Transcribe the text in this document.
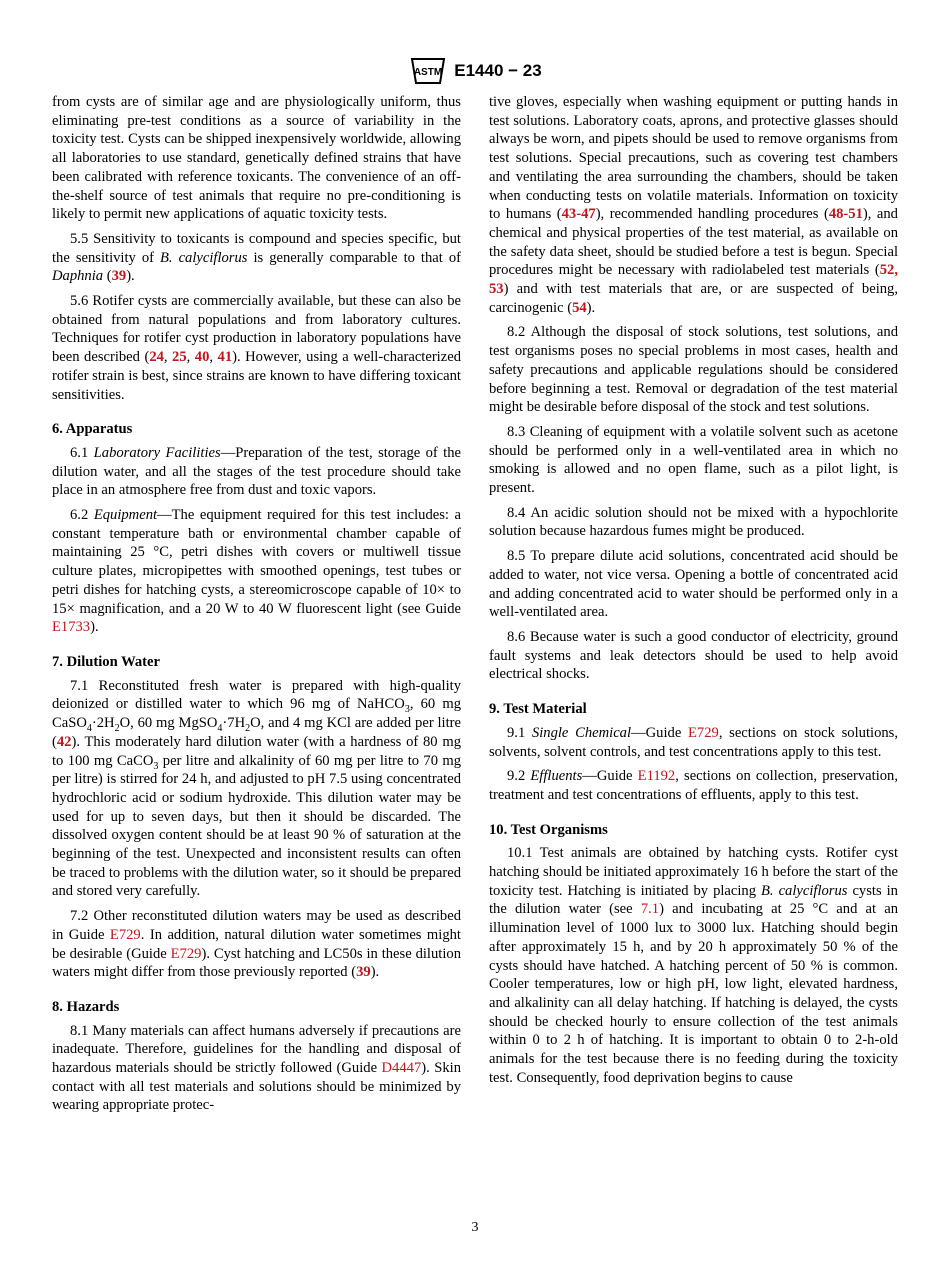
ASTM E1440 − 23

from cysts are of similar age and are physiologically uniform, thus eliminating pre-test conditions as a source of variability in the toxicity test. Cysts can be shipped inexpensively worldwide, allowing all laboratories to use standard, genetically defined strains that have been calibrated with reference toxicants. The convenience of an off-the-shelf source of test animals that require no pre-conditioning is likely to permit new applications of aquatic toxicity tests.

5.5 Sensitivity to toxicants is compound and species specific, but the sensitivity of B. calyciflorus is generally comparable to that of Daphnia (39).

5.6 Rotifer cysts are commercially available, but these can also be obtained from natural populations and from laboratory cultures. Techniques for rotifer cyst production in laboratory populations have been described (24, 25, 40, 41). However, using a well-characterized rotifer strain is best, since strains are known to have differing toxicant sensitivities.

6. Apparatus

6.1 Laboratory Facilities—Preparation of the test, storage of the dilution water, and all the stages of the test procedure should take place in an atmosphere free from dust and toxic vapors.

6.2 Equipment—The equipment required for this test includes: a constant temperature bath or environmental chamber capable of maintaining 25 °C, petri dishes with covers or multiwell tissue culture plates, micropipettes with smoothed openings, test tubes or petri dishes for hatching cysts, a stereomicroscope capable of 10× to 15× magnification, and a 20 W to 40 W fluorescent light (see Guide E1733).

7. Dilution Water

7.1 Reconstituted fresh water is prepared with high-quality deionized or distilled water to which 96 mg of NaHCO$_3$, 60 mg $CaSO_4\cdot 2H_2O$, 60 mg $MgSO_4\cdot 7H_2O$, and 4 mg KCl are added per litre (42). This moderately hard dilution water (with a hardness of 80 mg to 100 mg CaCO$_3$ per litre and alkalinity of 60 mg per litre to 70 mg per litre) is stirred for 24 h, and adjusted to pH 7.5 using concentrated hydrochloric acid or sodium hydroxide. This dilution water may be used for up to seven days, but then it should be discarded. The dissolved oxygen content should be at least 90 % of saturation at the beginning of the test. Unexpected and inconsistent results can often be traced to problems with the dilution water, so it should be prepared and stored very carefully.

7.2 Other reconstituted dilution waters may be used as described in Guide E729. In addition, natural dilution water sometimes might be desirable (Guide E729). Cyst hatching and LC50s in these dilution waters might differ from those previously reported (39).

8. Hazards

8.1 Many materials can affect humans adversely if precautions are inadequate. Therefore, guidelines for the handling and disposal of hazardous materials should be strictly followed (Guide D4447). Skin contact with all test materials and solutions should be minimized by wearing appropriate protec-

tive gloves, especially when washing equipment or putting hands in test solutions. Laboratory coats, aprons, and protective glasses should always be worn, and pipets should be used to remove organisms from test solutions. Special precautions, such as covering test chambers and ventilating the area surrounding the chambers, should be taken when conducting tests on volatile materials. Information on toxicity to humans (43-47), recommended handling procedures (48-51), and chemical and physical properties of the test material, as available on the safety data sheet, should be studied before a test is begun. Special procedures might be necessary with radiolabeled test materials (52, 53) and with test materials that are, or are suspected of being, carcinogenic (54).

8.2 Although the disposal of stock solutions, test solutions, and test organisms poses no special problems in most cases, health and safety precautions and applicable regulations should be considered before beginning a test. Removal or degradation of the test material might be desirable before disposal of the stock and test solutions.

8.3 Cleaning of equipment with a volatile solvent such as acetone should be performed only in a well-ventilated area in which no smoking is allowed and no open flame, such as a pilot light, is present.

8.4 An acidic solution should not be mixed with a hypochlorite solution because hazardous fumes might be produced.

8.5 To prepare dilute acid solutions, concentrated acid should be added to water, not vice versa. Opening a bottle of concentrated acid and adding concentrated acid to water should be performed only in a well-ventilated area.

8.6 Because water is such a good conductor of electricity, ground fault systems and leak detectors should be used to help avoid electrical shocks.

9. Test Material

9.1 Single Chemical—Guide E729, sections on stock solutions, solvents, solvent controls, and test concentrations apply to this test.

9.2 Effluents—Guide E1192, sections on collection, preservation, treatment and test concentrations of effluents, apply to this test.

10. Test Organisms

10.1 Test animals are obtained by hatching cysts. Rotifer cyst hatching should be initiated approximately 16 h before the start of the toxicity test. Hatching is initiated by placing B. calyciflorus cysts in the dilution water (see 7.1) and incubating at 25 °C and at an illumination level of 1000 lux to 3000 lux. Hatching should begin after approximately 15 h, and by 20 h approximately 50 % of the cysts should have hatched. A hatching percent of 50 % is common. Cooler temperatures, low or high pH, low light, elevated hardness, and alkalinity can all delay hatching. If hatching is delayed, the cysts should be checked hourly to ensure collection of the test animals within 0 to 2 h of hatching. It is important to obtain 0 to 2-h-old animals for the test because there is no feeding during the toxicity test. Consequently, food deprivation begins to cause

3
